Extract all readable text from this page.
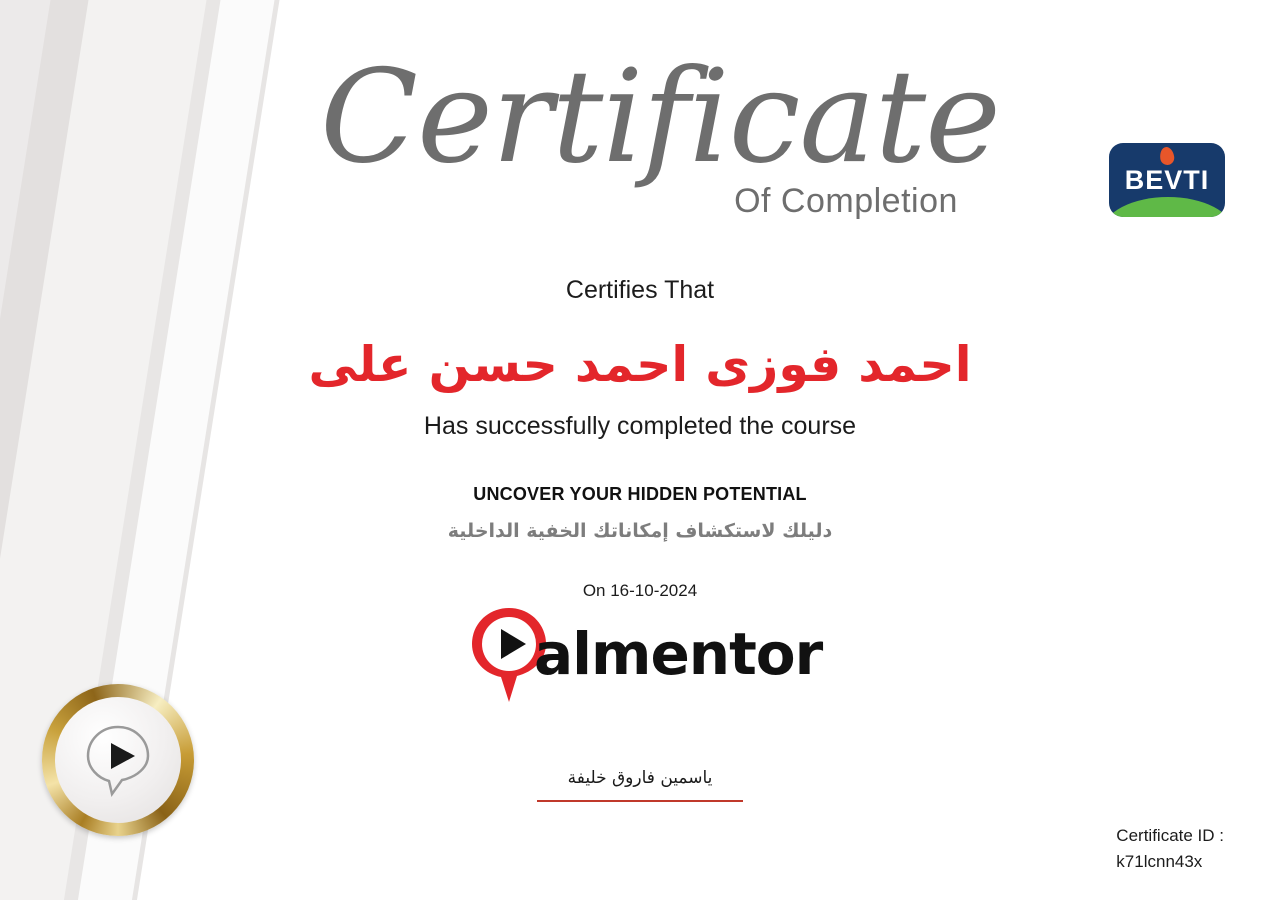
Certificate
Of Completion
BEVTI
Certifies That
احمد فوزى احمد حسن على
Has successfully completed the course
UNCOVER YOUR HIDDEN POTENTIAL
دليلك لاستكشاف إمكاناتك الخفية الداخلية
On 16-10-2024
almentor
ياسمين فاروق خليفة
Certificate ID :
k71lcnn43x
